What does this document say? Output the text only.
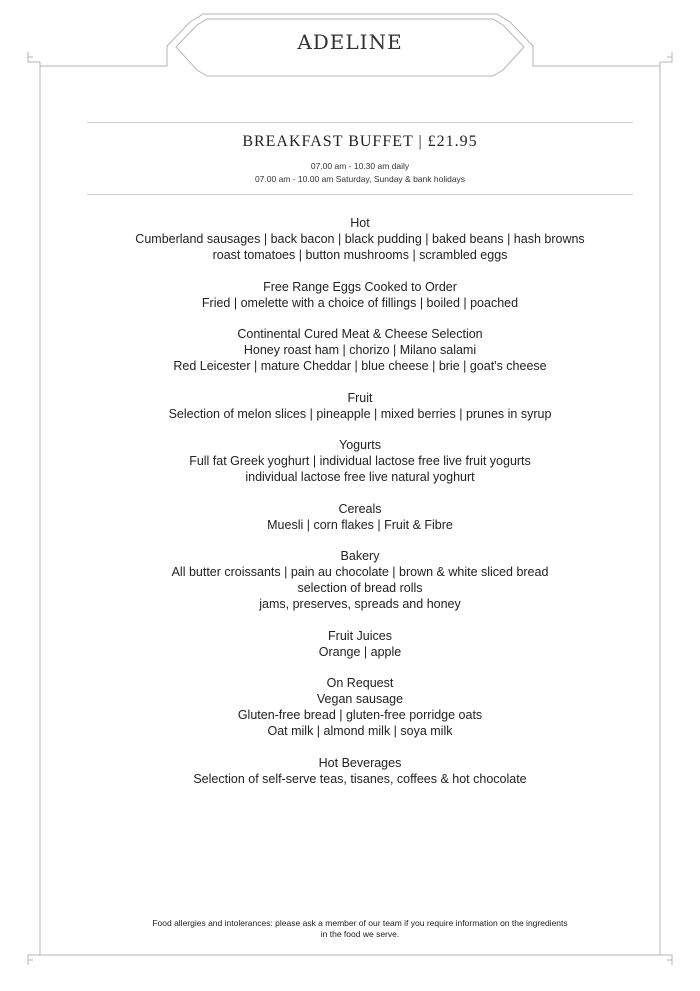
ADELINE
BREAKFAST BUFFET | £21.95
07.00 am - 10.30 am daily
07.00 am - 10.00 am Saturday, Sunday & bank holidays
Hot
Cumberland sausages | back bacon | black pudding | baked beans | hash browns
roast tomatoes | button mushrooms | scrambled eggs
Free Range Eggs Cooked to Order
Fried | omelette with a choice of fillings | boiled | poached
Continental Cured Meat & Cheese Selection
Honey roast ham | chorizo | Milano salami
Red Leicester | mature Cheddar | blue cheese | brie | goat's cheese
Fruit
Selection of melon slices | pineapple | mixed berries | prunes in syrup
Yogurts
Full fat Greek yoghurt | individual lactose free live fruit yogurts
individual lactose free live natural yoghurt
Cereals
Muesli | corn flakes | Fruit & Fibre
Bakery
All butter croissants | pain au chocolate | brown & white sliced bread
selection of bread rolls
jams, preserves, spreads and honey
Fruit Juices
Orange | apple
On Request
Vegan sausage
Gluten-free bread | gluten-free porridge oats
Oat milk | almond milk | soya milk
Hot Beverages
Selection of self-serve teas, tisanes, coffees & hot chocolate
Food allergies and intolerances: please ask a member of our team if you require information on the ingredients
in the food we serve.
